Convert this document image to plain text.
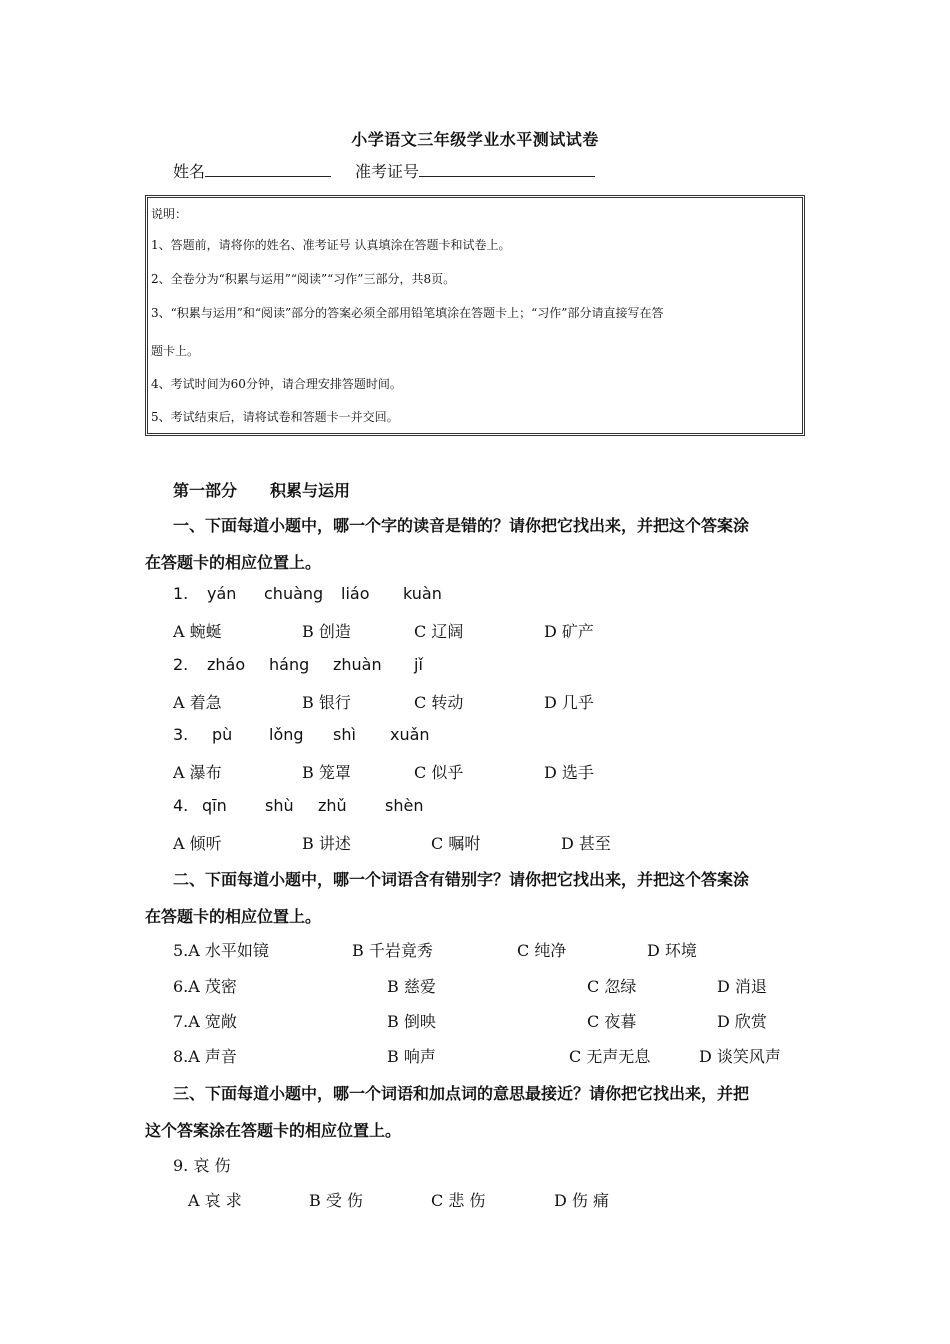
小学语文三年级学业水平测试试卷
姓名	准考证号
说明：
1、答题前，请将你的姓名、准考证号 认真填涂在答题卡和试卷上。
2、全卷分为“积累与运用”“阅读”“习作”三部分，共8页。
3、“积累与运用”和“阅读”部分的答案必须全部用铅笔填涂在答题卡上；“习作”部分请直接写在答
题卡上。
4、考试时间为60分钟，请合理安排答题时间。
5、考试结束后，请将试卷和答题卡一并交回。
第一部分 积累与运用
一、下面每道小题中，哪一个字的读音是错的？请你把它找出来，并把这个答案涂
在答题卡的相应位置上。
1. yán chuàng liáo kuàn
A 蜿蜒	B 创造	C 辽阔	D 矿产
2. zháo háng zhuàn jǐ
A 着急	B 银行	C 转动	D 几乎
3. pù lǒng shì xuǎn
A 瀑布	B 笼罩	C 似乎	D 选手
4. qīn shù zhǔ shèn
A 倾听	B 讲述	C 嘱咐	D 甚至
二、下面每道小题中，哪一个词语含有错别字？请你把它找出来，并把这个答案涂
在答题卡的相应位置上。
5.A 水平如镜	B 千岩竟秀	C 纯净	D 环境
6.A 茂密	B 慈爱	C 忽绿	D 消退
7.A 宽敞	B 倒映	C 夜暮	D 欣赏
8.A 声音	B 响声	C 无声无息	D 谈笑风声
三、下面每道小题中，哪一个词语和加点词的意思最接近？请你把它找出来，并把
这个答案涂在答题卡的相应位置上。
9. 哀 伤
A 哀 求	B 受 伤	C 悲 伤	D 伤 痛
